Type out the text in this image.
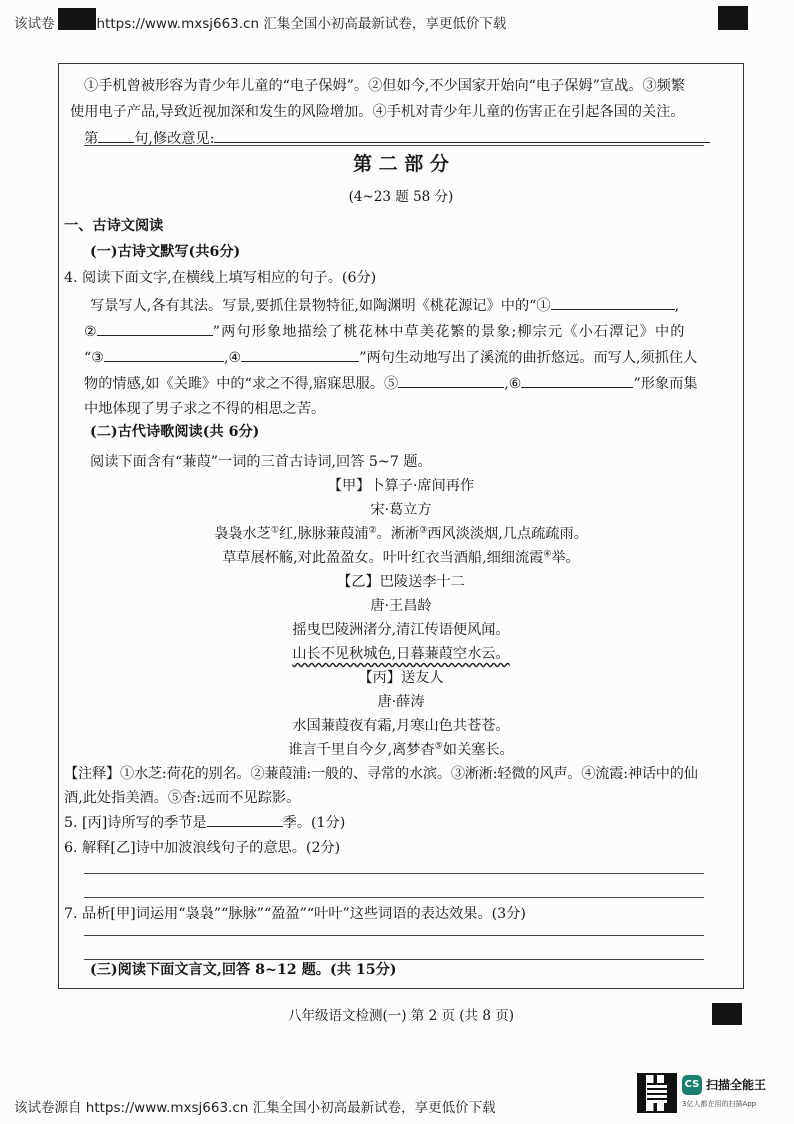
该试卷	https://www.mxsj663.cn 汇集全国小初高最新试卷，享更低价下载
①手机曾被形容为青少年儿童的“电子保姆”。②但如今,不少国家开始向“电子保姆”宣战。③频繁
使用电子产品,导致近视加深和发生的风险增加。④手机对青少年儿童的伤害正在引起各国的关注。
第	句,修改意见:
第 二 部 分
(4~23 题 58 分)
一、古诗文阅读
(一)古诗文默写(共6分)
4. 阅读下面文字,在横线上填写相应的句子。(6分)
写景写人,各有其法。写景,要抓住景物特征,如陶渊明《桃花源记》中的“①	,
②	”两句形象地描绘了桃花林中草美花繁的景象;柳宗元《小石潭记》中的
“③	,④	”两句生动地写出了溪流的曲折悠远。而写人,须抓住人
物的情感,如《关雎》中的“求之不得,寤寐思服。⑤	,⑥	”形象而集
中地体现了男子求之不得的相思之苦。
(二)古代诗歌阅读(共 6分)
阅读下面含有“蒹葭”一词的三首古诗词,回答 5~7 题。
【甲】卜算子·席间再作
宋·葛立方
袅袅水芝①红,脉脉蒹葭浦②。淅淅③西风淡淡烟,几点疏疏雨。
草草展杯觞,对此盈盈女。叶叶红衣当酒船,细细流霞④举。
【乙】巴陵送李十二
唐·王昌龄
摇曳巴陵洲渚分,清江传语便风闻。
山长不见秋城色,日暮蒹葭空水云。
【丙】送友人
唐·薛涛
水国蒹葭夜有霜,月寒山色共苍苍。
谁言千里自今夕,离梦杳⑤如关塞长。
【注释】①水芝:荷花的别名。②蒹葭浦:一般的、寻常的水滨。③淅淅:轻微的风声。④流霞:神话中的仙
酒,此处指美酒。⑤杳:远而不见踪影。
5. [丙]诗所写的季节是	季。(1分)
6. 解释[乙]诗中加波浪线句子的意思。(2分)
7. 品析[甲]词运用“袅袅”“脉脉”“盈盈”“叶叶”这些词语的表达效果。(3分)
(三)阅读下面文言文,回答 8~12 题。(共 15分)
八年级语文检测(一) 第 2 页 (共 8 页)
该试卷源自 https://www.mxsj663.cn 汇集全国小初高最新试卷，享更低价下载
CS 扫描全能王
3亿人都在用的扫描App
